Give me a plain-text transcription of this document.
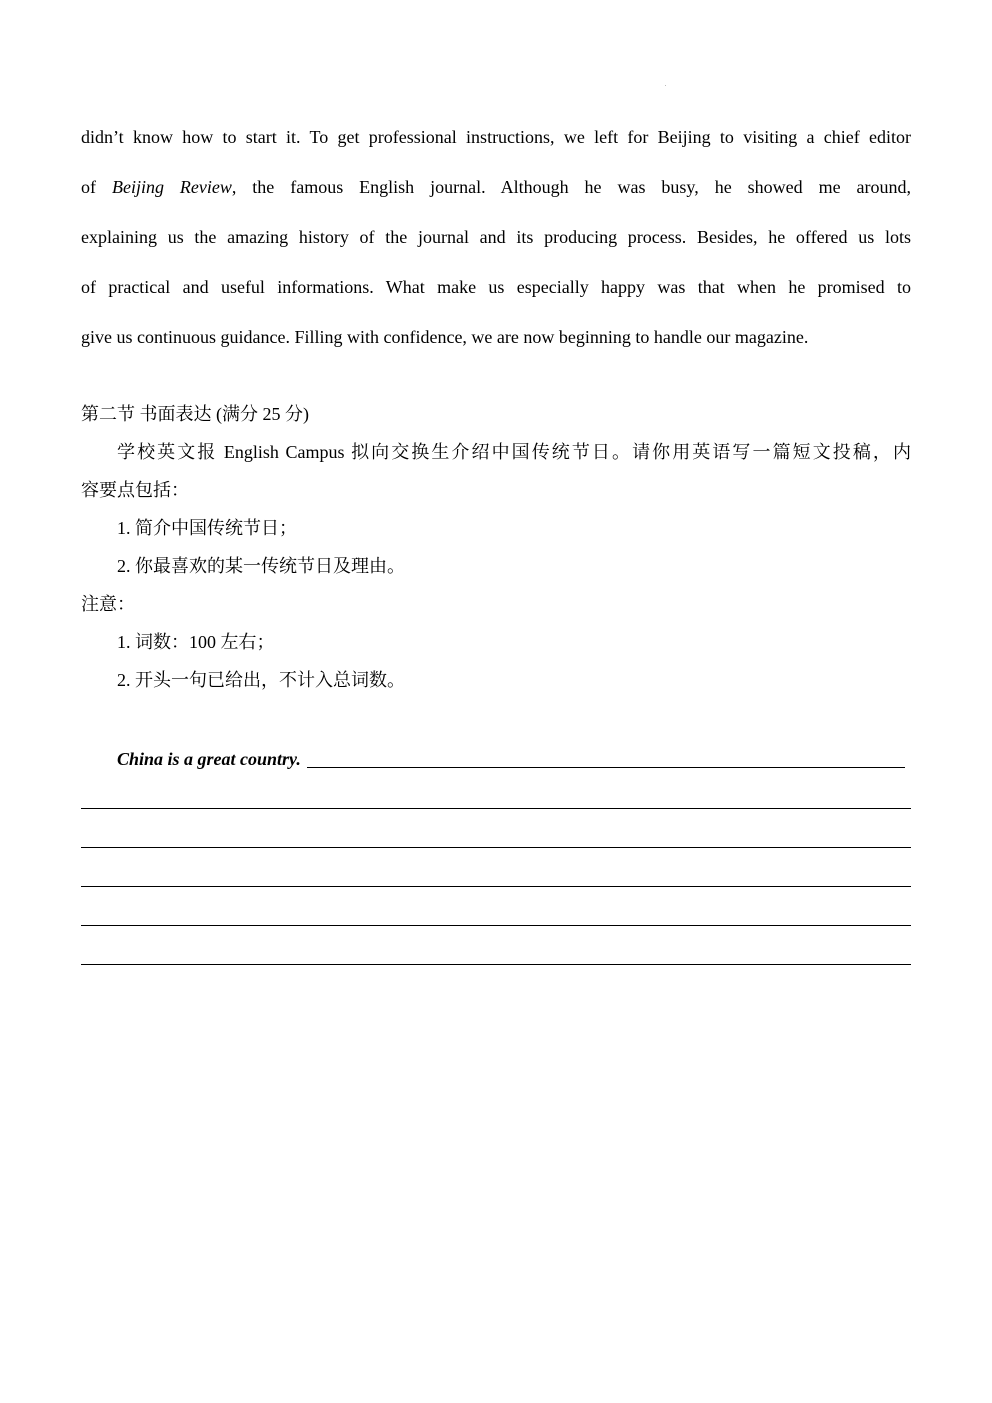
didn’t know how to start it. To get professional instructions, we left for Beijing to visiting a chief editor

of Beijing Review, the famous English journal. Although he was busy, he showed me around,

explaining us the amazing history of the journal and its producing process. Besides, he offered us lots

of practical and useful informations. What make us especially happy was that when he promised to

give us continuous guidance. Filling with confidence, we are now beginning to handle our magazine.

第二节 书面表达 (满分 25 分)
学校英文报 English Campus 拟向交换生介绍中国传统节日。请你用英语写一篇短文投稿，内
容要点包括：
1. 简介中国传统节日；
2. 你最喜欢的某一传统节日及理由。
注意：
1. 词数：100 左右；
2. 开头一句已给出，不计入总词数。
China is a great country.
